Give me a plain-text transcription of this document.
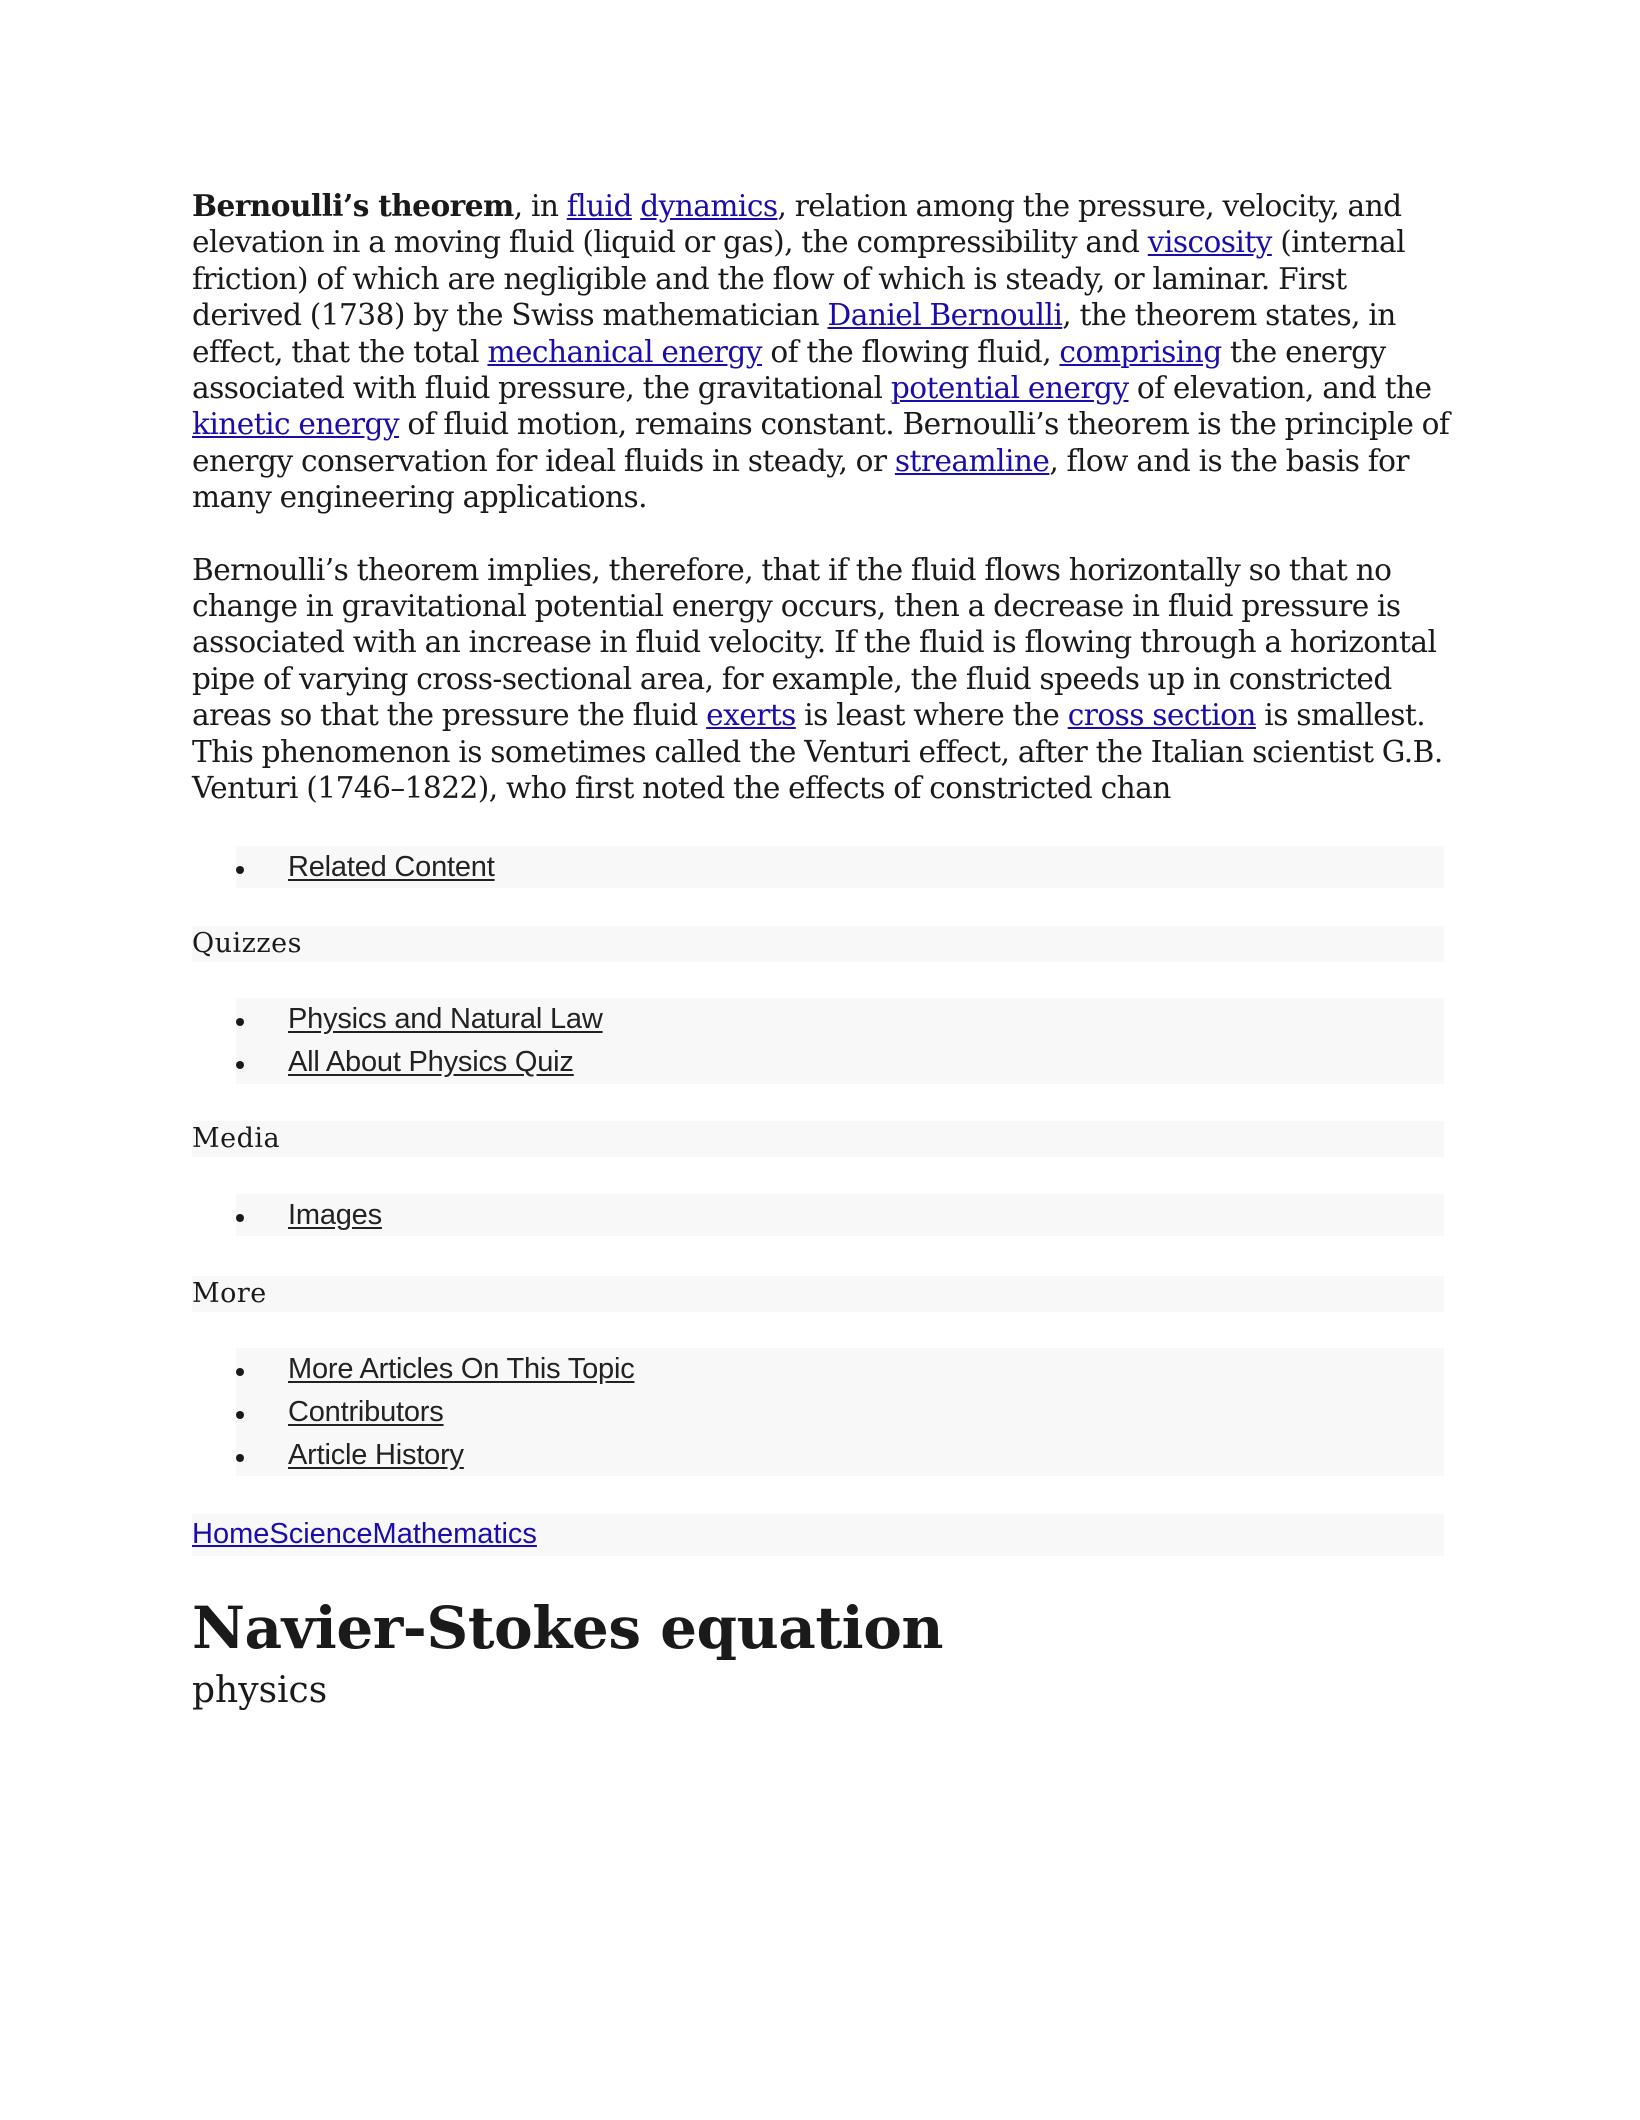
Bernoulli’s theorem, in fluid dynamics, relation among the pressure, velocity, and elevation in a moving fluid (liquid or gas), the compressibility and viscosity (internal friction) of which are negligible and the flow of which is steady, or laminar. First derived (1738) by the Swiss mathematician Daniel Bernoulli, the theorem states, in effect, that the total mechanical energy of the flowing fluid, comprising the energy associated with fluid pressure, the gravitational potential energy of elevation, and the kinetic energy of fluid motion, remains constant. Bernoulli’s theorem is the principle of energy conservation for ideal fluids in steady, or streamline, flow and is the basis for many engineering applications.

Bernoulli’s theorem implies, therefore, that if the fluid flows horizontally so that no change in gravitational potential energy occurs, then a decrease in fluid pressure is associated with an increase in fluid velocity. If the fluid is flowing through a horizontal pipe of varying cross-sectional area, for example, the fluid speeds up in constricted areas so that the pressure the fluid exerts is least where the cross section is smallest. This phenomenon is sometimes called the Venturi effect, after the Italian scientist G.B. Venturi (1746–1822), who first noted the effects of constricted chan

Related Content
Quizzes
Physics and Natural Law
All About Physics Quiz
Media
Images
More
More Articles On This Topic
Contributors
Article History
HomeScienceMathematics
Navier-Stokes equation
physics
